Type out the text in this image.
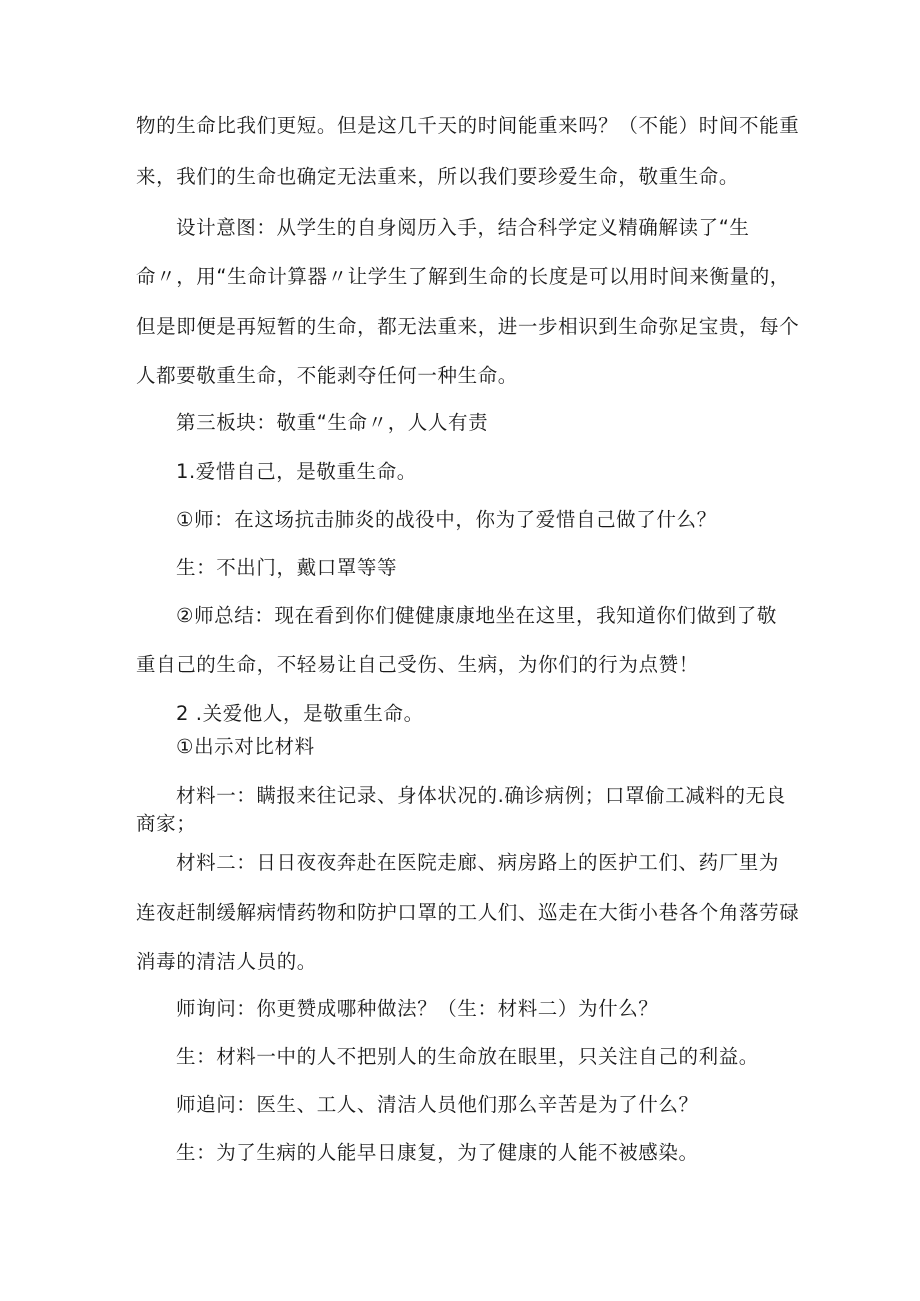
物的生命比我们更短。但是这几千天的时间能重来吗？（不能）时间不能重
来，我们的生命也确定无法重来，所以我们要珍爱生命，敬重生命。
设计意图：从学生的自身阅历入手，结合科学定义精确解读了“生
命〃，用“生命计算器〃让学生了解到生命的长度是可以用时间来衡量的，
但是即便是再短暂的生命，都无法重来，进一步相识到生命弥足宝贵，每个
人都要敬重生命，不能剥夺任何一种生命。
第三板块：敬重“生命〃，人人有责
1.爱惜自己，是敬重生命。
①师：在这场抗击肺炎的战役中，你为了爱惜自己做了什么？
生：不出门，戴口罩等等
②师总结：现在看到你们健健康康地坐在这里，我知道你们做到了敬
重自己的生命，不轻易让自己受伤、生病，为你们的行为点赞！
2 .关爱他人，是敬重生命。
①出示对比材料
材料一：瞒报来往记录、身体状况的.确诊病例；口罩偷工减料的无良
商家；
材料二：日日夜夜奔赴在医院走廊、病房路上的医护工们、药厂里为
连夜赶制缓解病情药物和防护口罩的工人们、巡走在大街小巷各个角落劳碌
消毒的清洁人员的。
师询问：你更赞成哪种做法？（生：材料二）为什么？
生：材料一中的人不把别人的生命放在眼里，只关注自己的利益。
师追问：医生、工人、清洁人员他们那么辛苦是为了什么？
生：为了生病的人能早日康复，为了健康的人能不被感染。
